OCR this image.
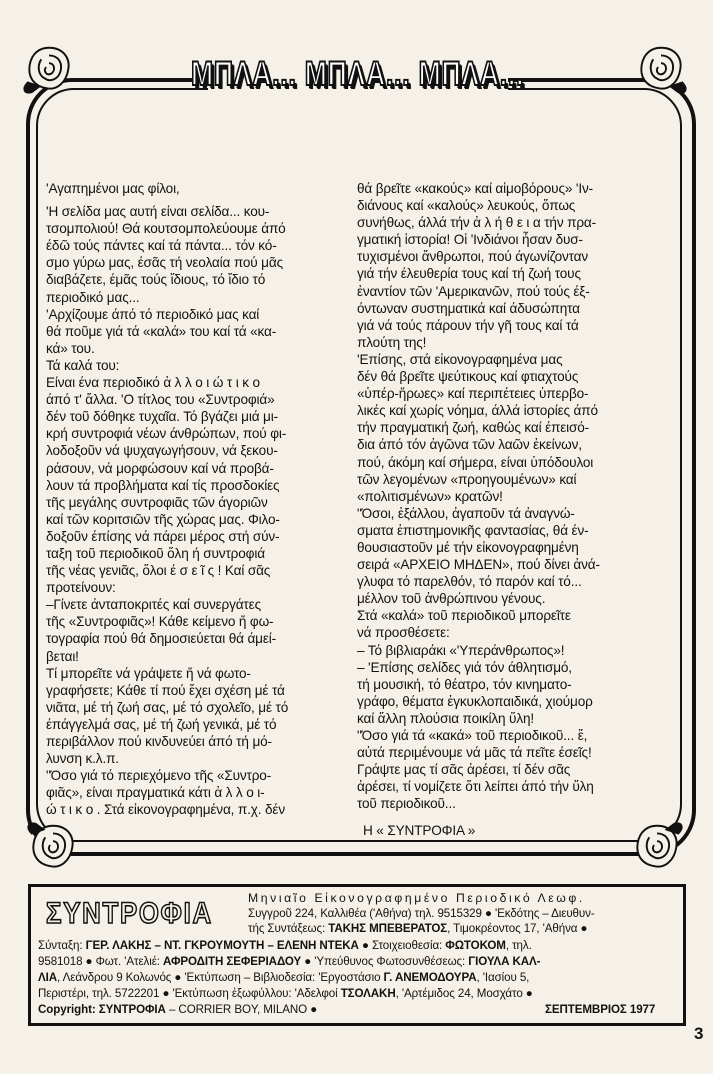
ΜΠΛΑ... ΜΠΛΑ... ΜΠΛΑ...
'Αγαπημένοι μας φίλοι,
'Η σελίδα μας αυτή είναι σελίδα... κου-
τσομπολιού! Θά κουτσομπολεύουμε άπό
έδῶ τούς πάντες καί τά πάντα... τόν κό-
σμο γύρω μας, έσᾶς τή νεολαία πού μᾶς
διαβάζετε, έμᾶς τούς ἴδιους, τό ἴδιο τό
περιοδικό μας...
'Αρχίζουμε άπό τό περιοδικό μας καί
θά ποῦμε γιά τά «καλά» του καί τά «κα-
κά» του.
Τά καλά του:
Είναι ένα περιοδικό ἀ λ λ ο ι ώ τ ι κ ο
άπό τ' ἄλλα. 'Ο τίτλος του «Συντροφιά»
δέν τοῦ δόθηκε τυχαῖα. Τό βγάζει μιά μι-
κρή συντροφιά νέων άνθρώπων, πού φι-
λοδοξοῦν νά ψυχαγωγήσουν, νά ξεκου-
ράσουν, νά μορφώσουν καί νά προβά-
λουν τά προβλήματα καί τίς προσδοκίες
τῆς μεγάλης συντροφιᾶς τῶν άγοριῶν
καί τῶν κοριτσιῶν τῆς χώρας μας. Φιλο-
δοξοῦν έπίσης νά πάρει μέρος στή σύν-
ταξη τοῦ περιοδικοῦ ὅλη ή συντροφιά
τῆς νέας γενιᾶς, ὅλοι έ σ ε ῖ ς ! Καί σᾶς
προτείνουν:
–Γίνετε άνταποκριτές καί συνεργάτες
τῆς «Συντροφιᾶς»! Κάθε κείμενο ἤ φω-
τογραφία πού θά δημοσιεύεται θά άμεί-
βεται!
Τί μπορεῖτε νά γράψετε ἤ νά φωτο-
γραφήσετε; Κάθε τί πού ἔχει σχέση μέ τά
νιᾶτα, μέ τή ζωή σας, μέ τό σχολεῖο, μέ τό
έπάγγελμά σας, μέ τή ζωή γενικά, μέ τό
περιβάλλον πού κινδυνεύει άπό τή μό-
λυνση κ.λ.π.
"Όσο γιά τό περιεχόμενο τῆς «Συντρο-
φιᾶς», είναι πραγματικά κάτι ἀ λ λ ο ι-
ώ τ ι κ ο . Στά εἰκονογραφημένα, π.χ. δέν
θά βρεῖτε «κακούς» καί αἱμοβόρους» 'Ιν-
διάνους καί «καλούς» λευκούς, ὅπως
συνήθως, άλλά τήν ἀ λ ή θ ε ι α τήν πρα-
γματική ἱστορία! Οἱ 'Ινδιάνοι ἦσαν δυσ-
τυχισμένοι ἄνθρωποι, πού άγωνίζονταν
γιά τήν έλευθερία τους καί τή ζωή τους
ἐναντίον τῶν 'Αμερικανῶν, πού τούς έξ-
όντωναν συστηματικά καί άδυσώπητα
γιά νά τούς πάρουν τήν γῆ τους καί τά
πλούτη της!
'Επίσης, στά εἰκονογραφημένα μας
δέν θά βρεῖτε ψεύτικους καί φτιαχτούς
«ὑπέρ-ἥρωες» καί περιπέτειες ὑπερβο-
λικές καί χωρίς νόημα, άλλά ἱστορίες άπό
τήν πραγματική ζωή, καθώς καί έπεισό-
δια άπό τόν ἀγῶνα τῶν λαῶν ἐκείνων,
πού, άκόμη καί σήμερα, είναι ὑπόδουλοι
τῶν λεγομένων «προηγουμένων» καί
«πολιτισμένων» κρατῶν!
"Όσοι, ἐξάλλου, ἀγαποῦν τά ἀναγνώ-
σματα ἐπιστημονικῆς φαντασίας, θά έν-
θουσιαστοῦν μέ τήν εἰκονογραφημένη
σειρά «ΑΡΧΕΙΟ ΜΗΔΕΝ», πού δίνει ἀνά-
γλυφα τό παρελθόν, τό παρόν καί τό...
μέλλον τοῦ ἀνθρώπινου γένους.
Στά «καλά» τοῦ περιοδικοῦ μπορεῖτε
νά προσθέσετε:
– Τό βιβλιαράκι «'Υπεράνθρωπος»!
– 'Επίσης σελίδες γιά τόν άθλητισμό,
τή μουσική, τό θέατρο, τόν κινηματο-
γράφο, θέματα ἐγκυκλοπαιδικά, χιούμορ
καί ἄλλη πλούσια ποικίλη ὕλη!
"Όσο γιά τά «κακά» τοῦ περιοδικοῦ... ἔ,
αὐτά περιμένουμε νά μᾶς τά πεῖτε έσεῖς!
Γράψτε μας τί σᾶς ἀρέσει, τί δέν σᾶς
ἀρέσει, τί νομίζετε ὅτι λείπει άπό τήν ὕλη
τοῦ περιοδικοῦ...
Η « ΣΥΝΤΡΟΦΙΑ »
ΣΥΝΤΡΟΦΙΑ	Μηνιαῖο Εἰκονογραφημένο Περιοδικό Λεωφ.
Συγγροῦ 224, Καλλιθέα ('Αθήνα) τηλ. 9515329 ● 'Εκδότης – Διευθυν-
τής Συντάξεως: ΤΑΚΗΣ ΜΠΕΒΕΡΑΤΟΣ, Τιμοκρέοντος 17, 'Αθήνα ●
Σύνταξη: ΓΕΡ. ΛΑΚΗΣ – ΝΤ. ΓΚΡΟΥΜΟΥΤΗ – ΕΛΕΝΗ ΝΤΕΚΑ ● Στοιχειοθεσία: ΦΩΤΟΚΟΜ, τηλ.
9581018 ● Φωτ. 'Ατελιέ: ΑΦΡΟΔΙΤΗ ΣΕΦΕΡΙΑΔΟΥ ● 'Υπεύθυνος Φωτοσυνθέσεως: ΓΙΟΥΛΑ ΚΑΛ-
ΛΙΑ, Λεάνδρου 9 Κολωνός ● 'Εκτύπωση – Βιβλιοδεσία: 'Εργοστάσιο Γ. ΑΝΕΜΟΔΟΥΡΑ, 'Ιασίου 5,
Περιστέρι, τηλ. 5722201 ● 'Εκτύπωση ἐξωφύλλου: 'Αδελφοί ΤΣΟΛΑΚΗ, 'Αρτέμιδος 24, Μοσχάτο ●
Copyright: ΣΥΝΤΡΟΦΙΑ – CORRIER BOY, MILANO ●	ΣΕΠΤΕΜΒΡΙΟΣ 1977
3
